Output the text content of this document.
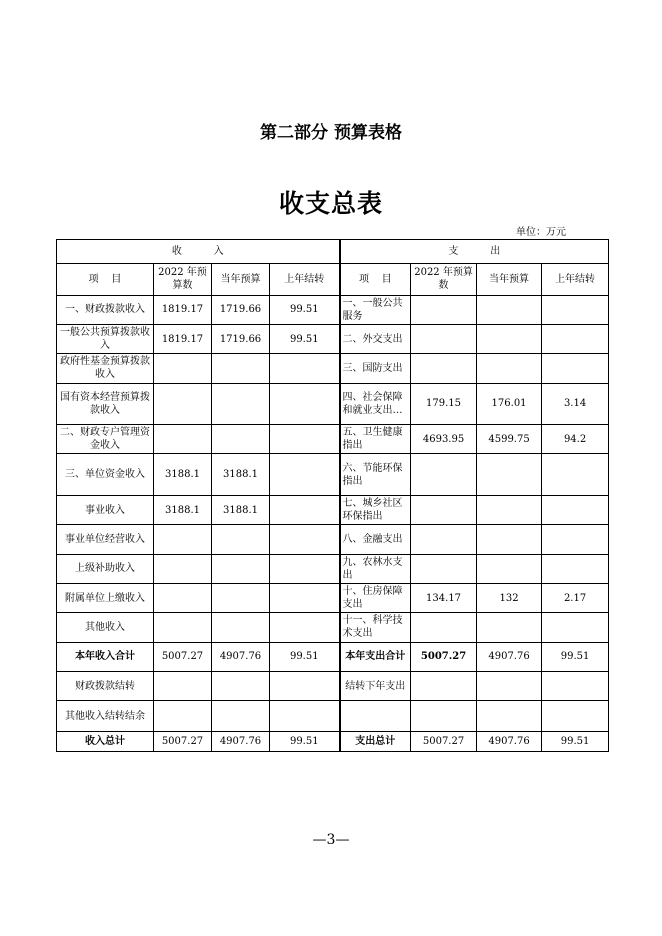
第二部分 预算表格
收支总表
单位：万元
收          入				支          出			
项    目	2022 年预算数	当年预算	上年结转	项    目	2022 年预算数	当年预算	上年结转
一、财政拨款收入	1819.17	1719.66	99.51	一、一般公共服务			
一般公共预算拨款收入	1819.17	1719.66	99.51	二、外交支出			
政府性基金预算拨款收入				三、国防支出			
国有资本经营预算拨款收入				四、社会保障和就业支出…	179.15	176.01	3.14
二、财政专户管理资金收入				五、卫生健康指出	4693.95	4599.75	94.2
三、单位资金收入	3188.1	3188.1		六、节能环保指出			
事业收入	3188.1	3188.1		七、城乡社区环保指出			
事业单位经营收入				八、金融支出			
上级补助收入				九、农林水支出			
附属单位上缴收入				十、住房保障支出	134.17	132	2.17
其他收入				十一、科学技术支出			
本年收入合计	5007.27	4907.76	99.51	本年支出合计	5007.27	4907.76	99.51
财政拨款结转				结转下年支出			
其他收入结转结余							
收入总计	5007.27	4907.76	99.51	支出总计	5007.27	4907.76	99.51
—3—
